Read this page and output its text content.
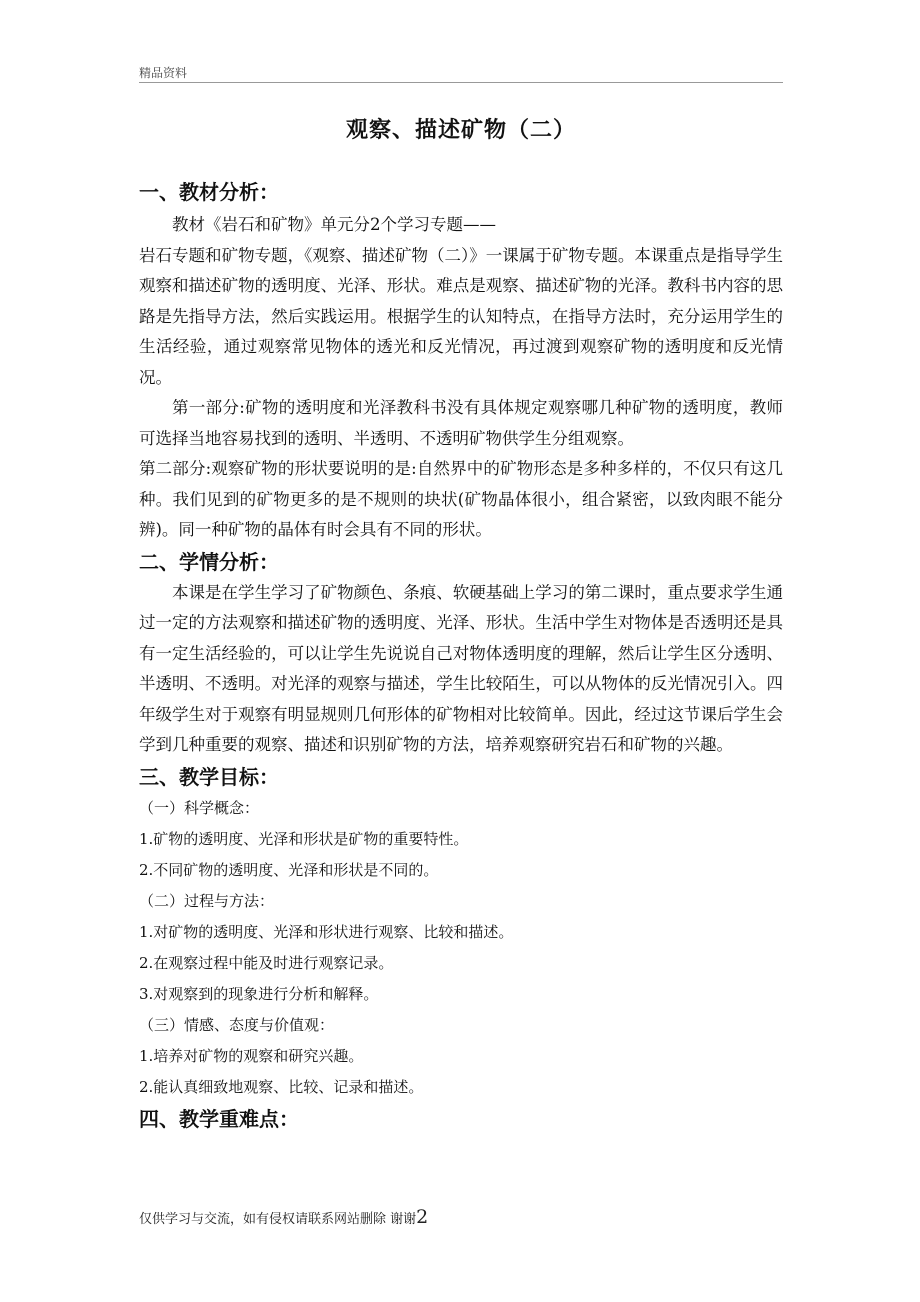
精品资料
观察、描述矿物（二）
一、教材分析：

教材《岩石和矿物》单元分2个学习专题——

岩石专题和矿物专题，《观察、描述矿物（二）》一课属于矿物专题。本课重点是指导学生观察和描述矿物的透明度、光泽、形状。难点是观察、描述矿物的光泽。教科书内容的思路是先指导方法，然后实践运用。根据学生的认知特点，在指导方法时，充分运用学生的生活经验，通过观察常见物体的透光和反光情况，再过渡到观察矿物的透明度和反光情况。

第一部分:矿物的透明度和光泽教科书没有具体规定观察哪几种矿物的透明度，教师可选择当地容易找到的透明、半透明、不透明矿物供学生分组观察。

第二部分:观察矿物的形状要说明的是:自然界中的矿物形态是多种多样的，不仅只有这几种。我们见到的矿物更多的是不规则的块状(矿物晶体很小，组合紧密，以致肉眼不能分辨)。同一种矿物的晶体有时会具有不同的形状。

二、学情分析：

本课是在学生学习了矿物颜色、条痕、软硬基础上学习的第二课时，重点要求学生通过一定的方法观察和描述矿物的透明度、光泽、形状。生活中学生对物体是否透明还是具有一定生活经验的，可以让学生先说说自己对物体透明度的理解，然后让学生区分透明、半透明、不透明。对光泽的观察与描述，学生比较陌生，可以从物体的反光情况引入。四年级学生对于观察有明显规则几何形体的矿物相对比较简单。因此，经过这节课后学生会学到几种重要的观察、描述和识别矿物的方法，培养观察研究岩石和矿物的兴趣。

三、教学目标：

（一）科学概念：

1.矿物的透明度、光泽和形状是矿物的重要特性。

2.不同矿物的透明度、光泽和形状是不同的。

（二）过程与方法：

1.对矿物的透明度、光泽和形状进行观察、比较和描述。

2.在观察过程中能及时进行观察记录。

3.对观察到的现象进行分析和解释。

（三）情感、态度与价值观：

1.培养对矿物的观察和研究兴趣。

2.能认真细致地观察、比较、记录和描述。

四、教学重难点：
仅供学习与交流，如有侵权请联系网站删除 谢谢2
